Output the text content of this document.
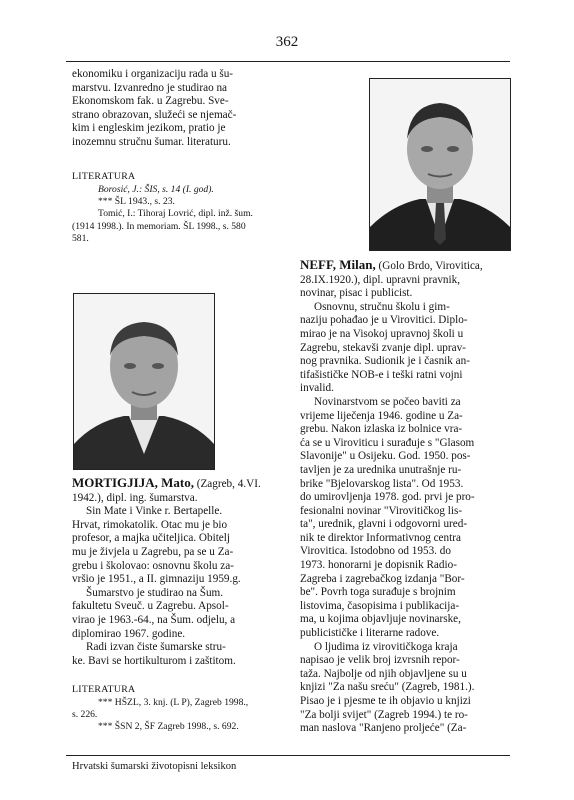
362

ekonomiku i organizaciju rada u šu-

marstvu. Izvanredno je studirao na

Ekonomskom fak. u Zagrebu. Sve-

strano obrazovan, služeći se njemač-

kim i engleskim jezikom, pratio je

inozemnu stručnu šumar. literaturu.

LITERATURA

Borosić, J.: ŠIS, s. 14 (I. god).

*** ŠL 1943., s. 23.

Tomić, I.: Tihoraj Lovrić, dipl. inž. šum.

(1914 1998.). In memoriam. ŠL 1998., s. 580

581.

MORTIGJIJA, Mato, (Zagreb, 4.VI.

1942.), dipl. ing. šumarstva.

Sin Mate i Vinke r. Bertapelle.

Hrvat, rimokatolik. Otac mu je bio

profesor, a majka učiteljica. Obitelj

mu je živjela u Zagrebu, pa se u Za-

grebu i školovao: osnovnu školu za-

vršio je 1951., a II. gimnaziju 1959.g.

Šumarstvo je studirao na Šum.

fakultetu Sveuč. u Zagrebu. Apsol-

virao je 1963.-64., na Šum. odjelu, a

diplomirao 1967. godine.

Radi izvan čiste šumarske stru-

ke. Bavi se hortikulturom i zaštitom.

LITERATURA

*** HŠZL, 3. knj. (L P), Zagreb 1998.,

s. 226.

*** ŠSN 2, ŠF Zagreb 1998., s. 692.

NEFF, Milan, (Golo Brdo, Virovitica,

28.IX.1920.), dipl. upravni pravnik,

novinar, pisac i publicist.

Osnovnu, stručnu školu i gim-

naziju pohađao je u Virovitici. Diplo-

mirao je na Visokoj upravnoj školi u

Zagrebu, stekavši zvanje dipl. uprav-

nog pravnika. Sudionik je i časnik an-

tifašističke NOB-e i teški ratni vojni

invalid.

Novinarstvom se počeo baviti za

vrijeme liječenja 1946. godine u Za-

grebu. Nakon izlaska iz bolnice vra-

ća se u Viroviticu i surađuje s "Glasom

Slavonije" u Osijeku. God. 1950. pos-

tavljen je za urednika unutrašnje ru-

brike "Bjelovarskog lista". Od 1953.

do umirovljenja 1978. god. prvi je pro-

fesionalni novinar "Virovitičkog lis-

ta", urednik, glavni i odgovorni ured-

nik te direktor Informativnog centra

Virovitica. Istodobno od 1953. do

1973. honorarni je dopisnik Radio-

Zagreba i zagrebačkog izdanja "Bor-

be". Povrh toga surađuje s brojnim

listovima, časopisima i publikacija-

ma, u kojima objavljuje novinarske,

publicističke i literarne radove.

O ljudima iz virovitičkoga kraja

napisao je velik broj izvrsnih repor-

taža. Najbolje od njih objavljene su u

knjizi "Za našu sreću" (Zagreb, 1981.).

Pisao je i pjesme te ih objavio u knjizi

"Za bolji svijet" (Zagreb 1994.) te ro-

man naslova "Ranjeno proljeće" (Za-

Hrvatski šumarski životopisni leksikon
